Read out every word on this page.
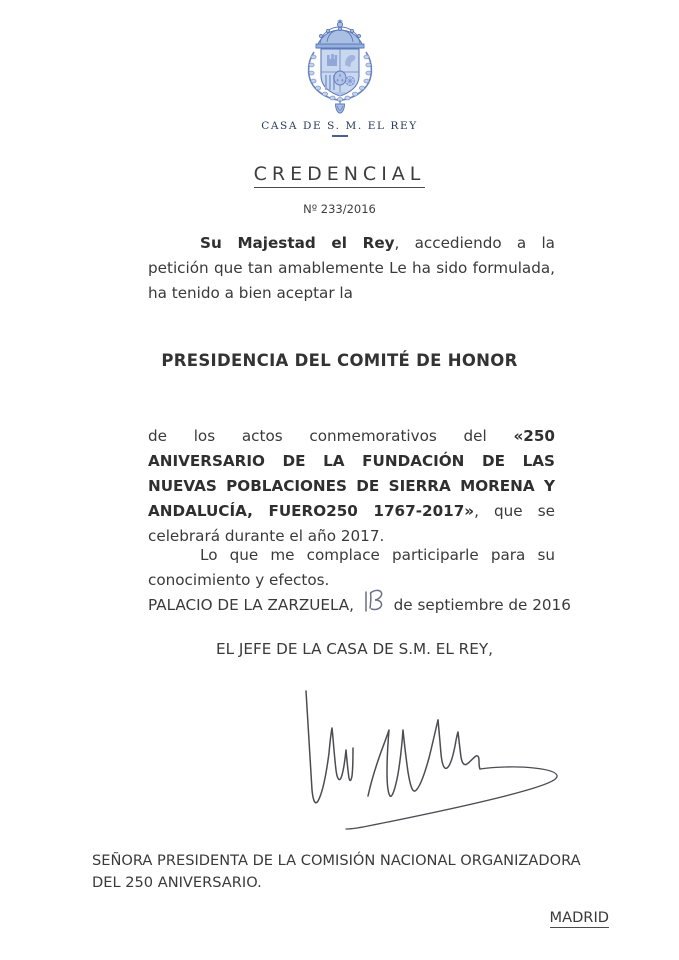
CASA DE S. M. EL REY
CREDENCIAL
Nº 233/2016

Su Majestad el Rey, accediendo a la petición que tan amablemente Le ha sido formulada, ha tenido a bien aceptar la

PRESIDENCIA DEL COMITÉ DE HONOR

de los actos conmemorativos del «250 ANIVERSARIO DE LA FUNDACIÓN DE LAS NUEVAS POBLACIONES DE SIERRA MORENA Y ANDALUCÍA, FUERO250 1767-2017», que se celebrará durante el año 2017.

Lo que me complace participarle para su conocimiento y efectos.

PALACIO DE LA ZARZUELA,	de septiembre de 2016
EL JEFE DE LA CASA DE S.M. EL REY,
SEÑORA PRESIDENTA DE LA COMISIÓN NACIONAL ORGANIZADORA
DEL 250 ANIVERSARIO.
MADRID
